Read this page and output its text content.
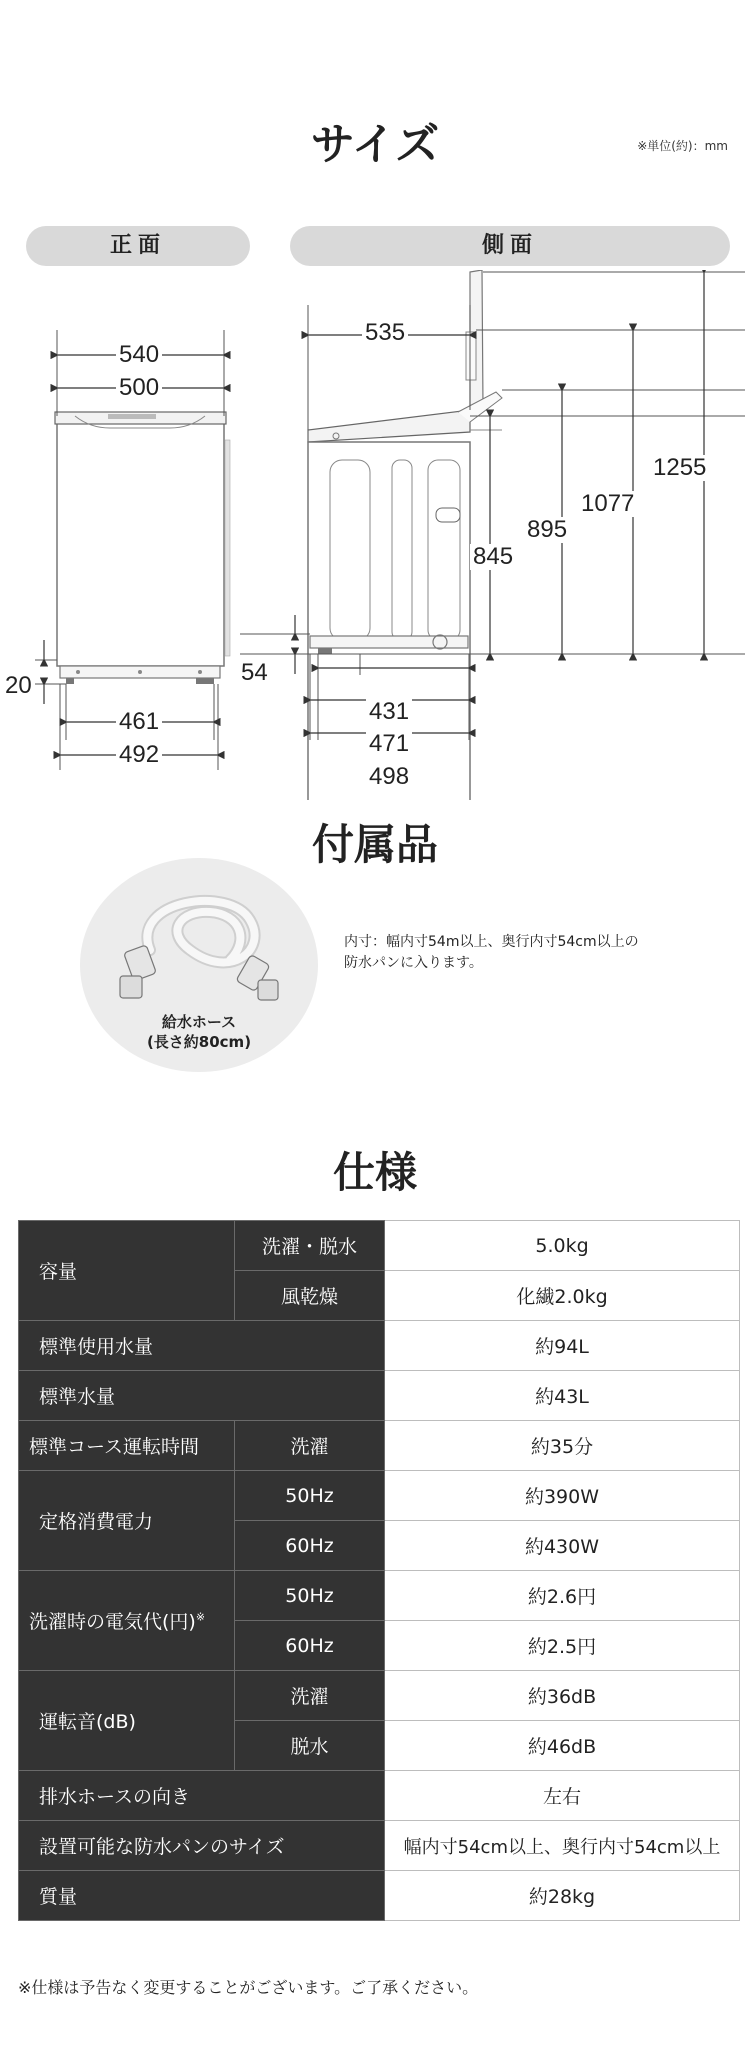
サイズ	※単位(約)：mm
正面	側面
540
500
20
461
492
535
54
845
895
1077
1255
431
471
498
付属品
給水ホース
(長さ約80cm)
内寸：幅内寸54m以上、奥行内寸54cm以上の
防水パンに入ります。
仕様
容量	洗濯・脱水	5.0kg
	風乾燥	化繊2.0kg
標準使用水量		約94L
標準水量		約43L
標準コース運転時間	洗濯	約35分
定格消費電力	50Hz	約390W
	60Hz	約430W
洗濯時の電気代(円)※	50Hz	約2.6円
	60Hz	約2.5円
運転音(dB)	洗濯	約36dB
	脱水	約46dB
排水ホースの向き		左右
設置可能な防水パンのサイズ		幅内寸54cm以上、奥行内寸54cm以上
質量		約28kg
※仕様は予告なく変更することがございます。ご了承ください。
